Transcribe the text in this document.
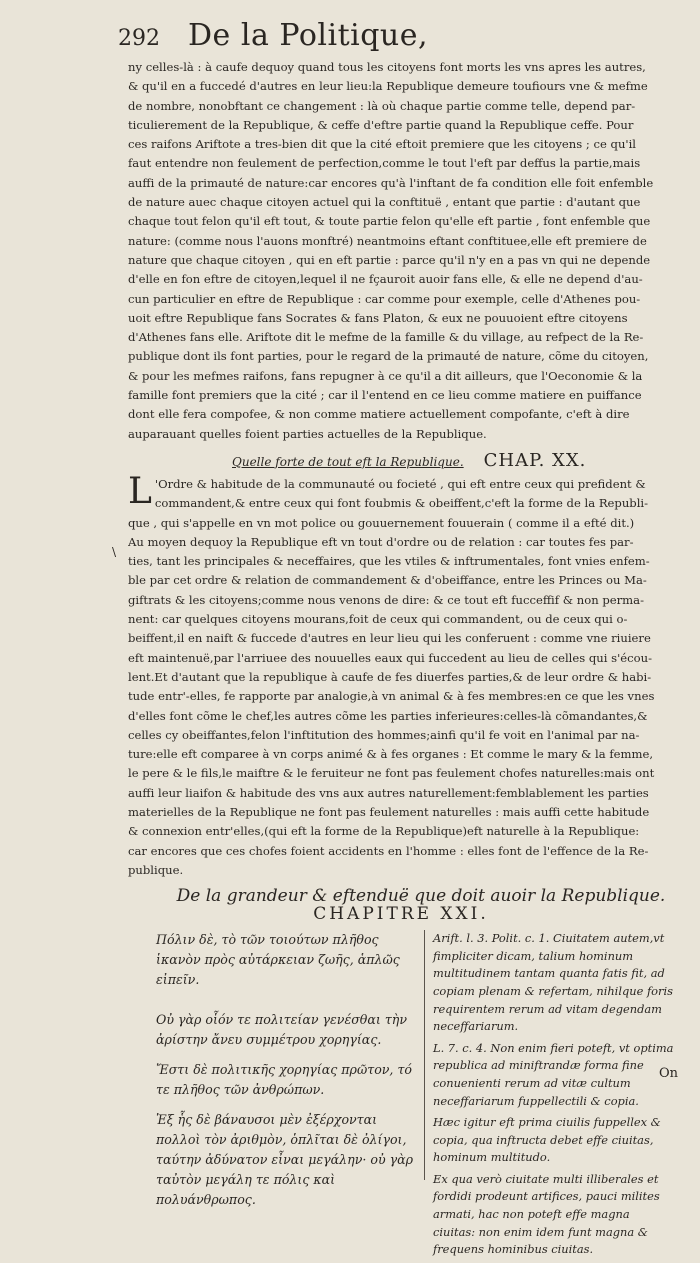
292 De la Politique,
ny celles-là : à caufe dequoy quand tous les citoyens font morts les vns apres les autres,
& qu'il en a fuccedé d'autres en leur lieu:la Republique demeure toufiours vne & mefme
de nombre, nonobftant ce changement : là où chaque partie comme telle, depend par-
ticulierement de la Republique, & ceffe d'eftre partie quand la Republique ceffe. Pour
ces raifons Ariftote a tres-bien dit que la cité eftoit premiere que les citoyens ; ce qu'il
faut entendre non feulement de perfection,comme le tout l'eft par deffus la partie,mais
auffi de la primauté de nature:car encores qu'à l'inftant de fa condition elle foit enfemble
de nature auec chaque citoyen actuel qui la conftituë , entant que partie : d'autant que
chaque tout felon qu'il eft tout, & toute partie felon qu'elle eft partie , font enfemble que
nature: (comme nous l'auons monftré) neantmoins eftant conftituee,elle eft premiere de
nature que chaque citoyen , qui en eft partie : parce qu'il n'y en a pas vn qui ne depende
d'elle en fon eftre de citoyen,lequel il ne fçauroit auoir fans elle, & elle ne depend d'au-
cun particulier en eftre de Republique : car comme pour exemple, celle d'Athenes pou-
uoit eftre Republique fans Socrates & fans Platon, & eux ne pouuoient eftre citoyens
d'Athenes fans elle. Ariftote dit le mefme de la famille & du village, au refpect de la Re-
publique dont ils font parties, pour le regard de la primauté de nature, cõme du citoyen,
& pour les mefmes raifons, fans repugner à ce qu'il a dit ailleurs, que l'Oeconomie & la
famille font premiers que la cité ; car il l'entend en ce lieu comme matiere en puiffance
dont elle fera compofee, & non comme matiere actuellement compofante, c'eft à dire
auparauant quelles foient parties actuelles de la Republique.
Quelle forte de tout eft la Republique. CHAP. XX.
\
L 'Ordre & habitude de la communauté ou focieté , qui eft entre ceux qui prefident &
commandent,& entre ceux qui font foubmis & obeiffent,c'eft la forme de la Republi-
que , qui s'appelle en vn mot police ou gouuernement fouuerain ( comme il a efté dit.)
Au moyen dequoy la Republique eft vn tout d'ordre ou de relation : car toutes fes par-
ties, tant les principales & neceffaires, que les vtiles & inftrumentales, font vnies enfem-
ble par cet ordre & relation de commandement & d'obeiffance, entre les Princes ou Ma-
giftrats & les citoyens;comme nous venons de dire: & ce tout eft fucceffif & non perma-
nent: car quelques citoyens mourans,foit de ceux qui commandent, ou de ceux qui o-
beiffent,il en naift & fuccede d'autres en leur lieu qui les conferuent : comme vne riuiere
eft maintenuë,par l'arriuee des nouuelles eaux qui fuccedent au lieu de celles qui s'écou-
lent.Et d'autant que la republique à caufe de fes diuerfes parties,& de leur ordre & habi-
tude entr'-elles, fe rapporte par analogie,à vn animal & à fes membres:en ce que les vnes
d'elles font cõme le chef,les autres cõme les parties inferieures:celles-là cõmandantes,&
celles cy obeiffantes,felon l'inftitution des hommes;ainfi qu'il fe voit en l'animal par na-
ture:elle eft comparee à vn corps animé & à fes organes : Et comme le mary & la femme,
le pere & le fils,le maiftre & le feruiteur ne font pas feulement chofes naturelles:mais ont
auffi leur liaifon & habitude des vns aux autres naturellement:femblablement les parties
materielles de la Republique ne font pas feulement naturelles : mais auffi cette habitude
& connexion entr'elles,(qui eft la forme de la Republique)eft naturelle à la Republique:
car encores que ces chofes foient accidents en l'homme : elles font de l'effence de la Re-
publique.
De la grandeur & eftenduë que doit auoir la Republique.
CHAPITRE XXI.

Πόλιν δὲ, τὸ τῶν τοιούτων πλῆθος ἱκανὸν πρὸς αὐτάρκειαν ζωῆς, ἁπλῶς εἰπεῖν.

Οὐ γὰρ οἷόν τε πολιτείαν γενέσθαι τὴν ἀρίστην ἄνευ συμμέτρου χορηγίας.

Ἔστι δὲ πολιτικῆς χορηγίας πρῶτον, τό τε πλῆθος τῶν ἀνθρώπων.

Ἐξ ἧς δὲ βάναυσοι μὲν ἐξέρχονται πολλοὶ τὸν ἀριθμὸν, ὁπλῖται δὲ ὀλίγοι, ταύτην ἀδύνατον εἶναι μεγάλην· οὐ γὰρ ταὐτὸν μεγάλη τε πόλις καὶ πολυάνθρωπος.

Arift. l. 3. Polit. c. 1. Ciuitatem autem,vt fimpliciter dicam, talium hominum multitudinem tantam quanta fatis fit, ad copiam plenam & refertam, nihilque foris requirentem rerum ad vitam degendam neceffariarum.

L. 7. c. 4. Non enim fieri poteft, vt optima republica ad miniftrandæ forma fine conuenienti rerum ad vitæ cultum neceffariarum fuppellectili & copia.

Hæc igitur eft prima ciuilis fuppellex & copia, qua inftructa debet effe ciuitas, hominum multitudo.

Ex qua verò ciuitate multi illiberales et fordidi prodeunt artifices, pauci milites armati, hac non poteft effe magna ciuitas: non enim idem funt magna & frequens hominibus ciuitas.

On
